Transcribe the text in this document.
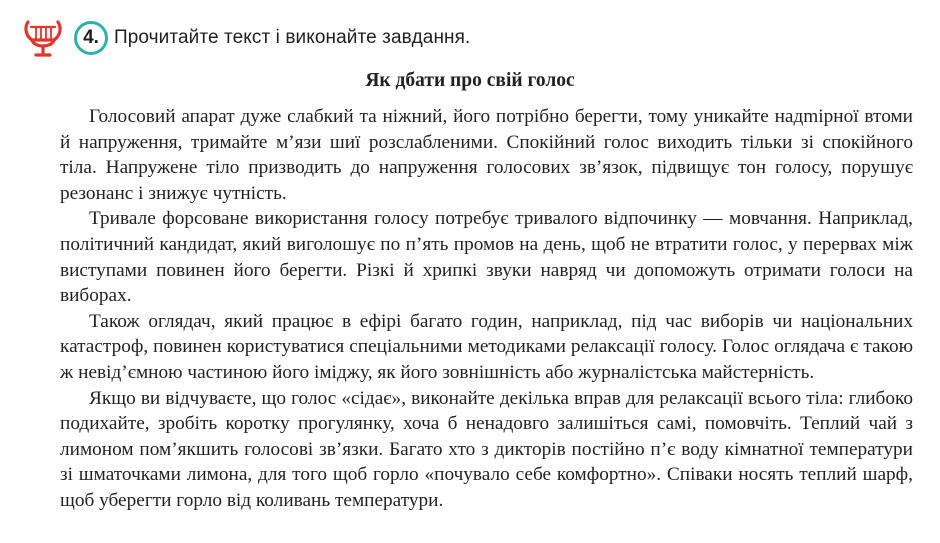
4. Прочитайте текст і виконайте завдання.
Як дбати про свій голос

Голосовий апарат дуже слабкий та ніжний, його потрібно берегти, тому уникайте надmірної втоми й напруження, тримайте м’язи шиї розслабленими. Спокійний голос виходить тільки зі спокійного тіла. Напружене тіло призводить до напруження голосових зв’язок, підвищує тон голосу, порушує резонанс і знижує чутність.

Тривале форсоване використання голосу потребує тривалого відпочинку — мовчання. Наприклад, політичний кандидат, який виголошує по п’ять промов на день, щоб не втратити голос, у перервах між виступами повинен його берегти. Різкі й хрипкі звуки навряд чи допоможуть отримати голоси на виборах.

Також оглядач, який працює в ефірі багато годин, наприклад, під час виборів чи національних катастроф, повинен користуватися спеціальними методиками релаксації голосу. Голос оглядача є такою ж невід’ємною частиною його іміджу, як його зовнішність або журналістська майстерність.

Якщо ви відчуваєте, що голос «сідає», виконайте декілька вправ для релаксації всього тіла: глибоко подихайте, зробіть коротку прогулянку, хоча б ненадовго залишіться самі, помовчіть. Теплий чай з лимоном пом’якшить голосові зв’язки. Багато хто з дикторів постійно п’є воду кімнатної температури зі шматочками лимона, для того щоб горло «почувало себе комфортно». Співаки носять теплий шарф, щоб уберегти горло від коливань температури.
